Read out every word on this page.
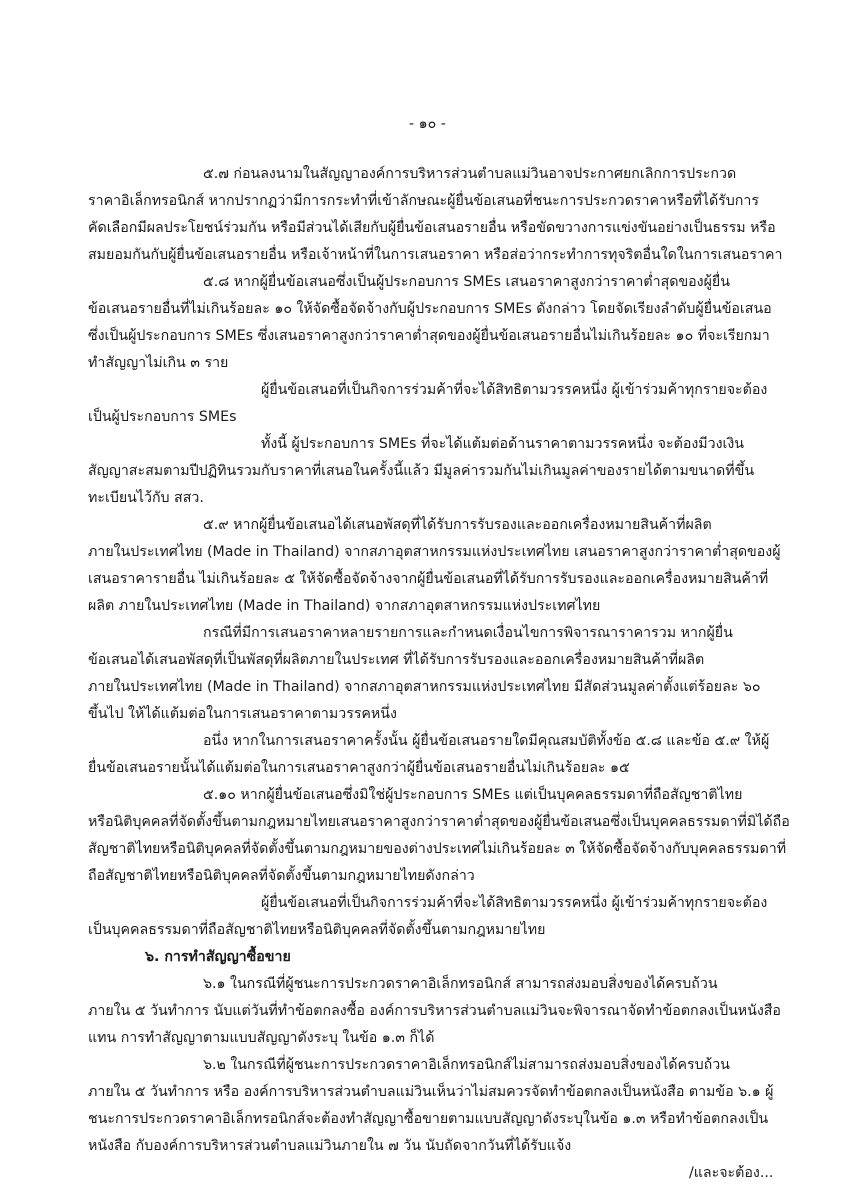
- ๑๐ -
๕.๗ ก่อนลงนามในสัญญาองค์การบริหารส่วนตำบลแม่วินอาจประกาศยกเลิกการประกวด
ราคาอิเล็กทรอนิกส์ หากปรากฏว่ามีการกระทำที่เข้าลักษณะผู้ยื่นข้อเสนอที่ชนะการประกวดราคาหรือที่ได้รับการ
คัดเลือกมีผลประโยชน์ร่วมกัน หรือมีส่วนได้เสียกับผู้ยื่นข้อเสนอรายอื่น หรือขัดขวางการแข่งขันอย่างเป็นธรรม หรือ
สมยอมกันกับผู้ยื่นข้อเสนอรายอื่น หรือเจ้าหน้าที่ในการเสนอราคา หรือส่อว่ากระทำการทุจริตอื่นใดในการเสนอราคา
๕.๘ หากผู้ยื่นข้อเสนอซึ่งเป็นผู้ประกอบการ SMEs เสนอราคาสูงกว่าราคาต่ำสุดของผู้ยื่น
ข้อเสนอรายอื่นที่ไม่เกินร้อยละ ๑๐ ให้จัดซื้อจัดจ้างกับผู้ประกอบการ SMEs ดังกล่าว โดยจัดเรียงลำดับผู้ยื่นข้อเสนอ
ซึ่งเป็นผู้ประกอบการ SMEs ซึ่งเสนอราคาสูงกว่าราคาต่ำสุดของผู้ยื่นข้อเสนอรายอื่นไม่เกินร้อยละ ๑๐ ที่จะเรียกมา
ทำสัญญาไม่เกิน ๓ ราย
ผู้ยื่นข้อเสนอที่เป็นกิจการร่วมค้าที่จะได้สิทธิตามวรรคหนึ่ง ผู้เข้าร่วมค้าทุกรายจะต้อง
เป็นผู้ประกอบการ SMEs
ทั้งนี้ ผู้ประกอบการ SMEs ที่จะได้แต้มต่อด้านราคาตามวรรคหนึ่ง จะต้องมีวงเงิน
สัญญาสะสมตามปีปฏิทินรวมกับราคาที่เสนอในครั้งนี้แล้ว มีมูลค่ารวมกันไม่เกินมูลค่าของรายได้ตามขนาดที่ขึ้น
ทะเบียนไว้กับ สสว.
๕.๙ หากผู้ยื่นข้อเสนอได้เสนอพัสดุที่ได้รับการรับรองและออกเครื่องหมายสินค้าที่ผลิต
ภายในประเทศไทย (Made in Thailand) จากสภาอุตสาหกรรมแห่งประเทศไทย เสนอราคาสูงกว่าราคาต่ำสุดของผู้
เสนอราคารายอื่น ไม่เกินร้อยละ ๕ ให้จัดซื้อจัดจ้างจากผู้ยื่นข้อเสนอที่ได้รับการรับรองและออกเครื่องหมายสินค้าที่
ผลิต ภายในประเทศไทย (Made in Thailand) จากสภาอุตสาหกรรมแห่งประเทศไทย
กรณีที่มีการเสนอราคาหลายรายการและกำหนดเงื่อนไขการพิจารณาราคารวม หากผู้ยื่น
ข้อเสนอได้เสนอพัสดุที่เป็นพัสดุที่ผลิตภายในประเทศ ที่ได้รับการรับรองและออกเครื่องหมายสินค้าที่ผลิต
ภายในประเทศไทย (Made in Thailand) จากสภาอุตสาหกรรมแห่งประเทศไทย มีสัดส่วนมูลค่าตั้งแต่ร้อยละ ๖๐
ขึ้นไป ให้ได้แต้มต่อในการเสนอราคาตามวรรคหนึ่ง
อนึ่ง หากในการเสนอราคาครั้งนั้น ผู้ยื่นข้อเสนอรายใดมีคุณสมบัติทั้งข้อ ๕.๘ และข้อ ๕.๙ ให้ผู้
ยื่นข้อเสนอรายนั้นได้แต้มต่อในการเสนอราคาสูงกว่าผู้ยื่นข้อเสนอรายอื่นไม่เกินร้อยละ ๑๕
๕.๑๐ หากผู้ยื่นข้อเสนอซึ่งมิใช่ผู้ประกอบการ SMEs แต่เป็นบุคคลธรรมดาที่ถือสัญชาติไทย
หรือนิติบุคคลที่จัดตั้งขึ้นตามกฎหมายไทยเสนอราคาสูงกว่าราคาต่ำสุดของผู้ยื่นข้อเสนอซึ่งเป็นบุคคลธรรมดาที่มิได้ถือ
สัญชาติไทยหรือนิติบุคคลที่จัดตั้งขึ้นตามกฎหมายของต่างประเทศไม่เกินร้อยละ ๓ ให้จัดซื้อจัดจ้างกับบุคคลธรรมดาที่
ถือสัญชาติไทยหรือนิติบุคคลที่จัดตั้งขึ้นตามกฎหมายไทยดังกล่าว
ผู้ยื่นข้อเสนอที่เป็นกิจการร่วมค้าที่จะได้สิทธิตามวรรคหนึ่ง ผู้เข้าร่วมค้าทุกรายจะต้อง
เป็นบุคคลธรรมดาที่ถือสัญชาติไทยหรือนิติบุคคลที่จัดตั้งขึ้นตามกฎหมายไทย
๖. การทำสัญญาซื้อขาย
๖.๑ ในกรณีที่ผู้ชนะการประกวดราคาอิเล็กทรอนิกส์ สามารถส่งมอบสิ่งของได้ครบถ้วน
ภายใน ๕ วันทำการ นับแต่วันที่ทำข้อตกลงซื้อ องค์การบริหารส่วนตำบลแม่วินจะพิจารณาจัดทำข้อตกลงเป็นหนังสือ
แทน การทำสัญญาตามแบบสัญญาดังระบุ ในข้อ ๑.๓ ก็ได้
๖.๒ ในกรณีที่ผู้ชนะการประกวดราคาอิเล็กทรอนิกส์ไม่สามารถส่งมอบสิ่งของได้ครบถ้วน
ภายใน ๕ วันทำการ หรือ องค์การบริหารส่วนตำบลแม่วินเห็นว่าไม่สมควรจัดทำข้อตกลงเป็นหนังสือ ตามข้อ ๖.๑ ผู้
ชนะการประกวดราคาอิเล็กทรอนิกส์จะต้องทำสัญญาซื้อขายตามแบบสัญญาดังระบุในข้อ ๑.๓ หรือทำข้อตกลงเป็น
หนังสือ กับองค์การบริหารส่วนตำบลแม่วินภายใน ๗ วัน นับถัดจากวันที่ได้รับแจ้ง
/และจะต้อง...
